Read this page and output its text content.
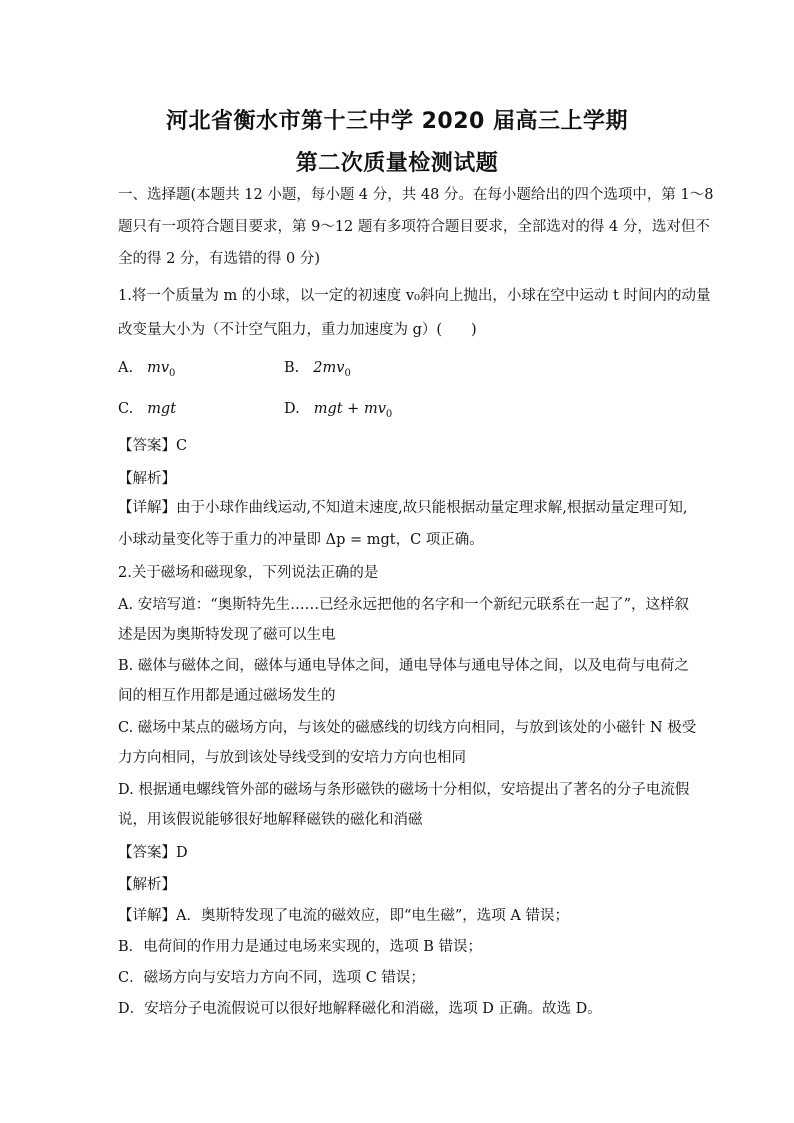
河北省衡水市第十三中学 2020 届高三上学期
第二次质量检测试题
一、选择题(本题共 12 小题，每小题 4 分，共 48 分。在每小题给出的四个选项中，第 1～8
题只有一项符合题目要求，第 9～12 题有多项符合题目要求，全部选对的得 4 分，选对但不
全的得 2 分，有选错的得 0 分)
1.将一个质量为 m 的小球，以一定的初速度 v₀斜向上抛出，小球在空中运动 t 时间内的动量
改变量大小为（不计空气阻力，重力加速度为 g）(　　)
A. $mv_0$	B. $2mv_0$
C. mgt	D. mgt + $mv_0$
【答案】C
【解析】
【详解】由于小球作曲线运动,不知道末速度,故只能根据动量定理求解,根据动量定理可知,
小球动量变化等于重力的冲量即 Δp = mgt，C 项正确。
2.关于磁场和磁现象，下列说法正确的是
A. 安培写道：“奥斯特先生……已经永远把他的名字和一个新纪元联系在一起了”，这样叙
述是因为奥斯特发现了磁可以生电
B. 磁体与磁体之间，磁体与通电导体之间，通电导体与通电导体之间，以及电荷与电荷之
间的相互作用都是通过磁场发生的
C. 磁场中某点的磁场方向，与该处的磁感线的切线方向相同，与放到该处的小磁针 N 极受
力方向相同，与放到该处导线受到的安培力方向也相同
D. 根据通电螺线管外部的磁场与条形磁铁的磁场十分相似，安培提出了著名的分子电流假
说，用该假说能够很好地解释磁铁的磁化和消磁
【答案】D
【解析】
【详解】A．奥斯特发现了电流的磁效应，即“电生磁”，选项 A 错误；
B．电荷间的作用力是通过电场来实现的，选项 B 错误；
C．磁场方向与安培力方向不同，选项 C 错误；
D．安培分子电流假说可以很好地解释磁化和消磁，选项 D 正确。故选 D。
